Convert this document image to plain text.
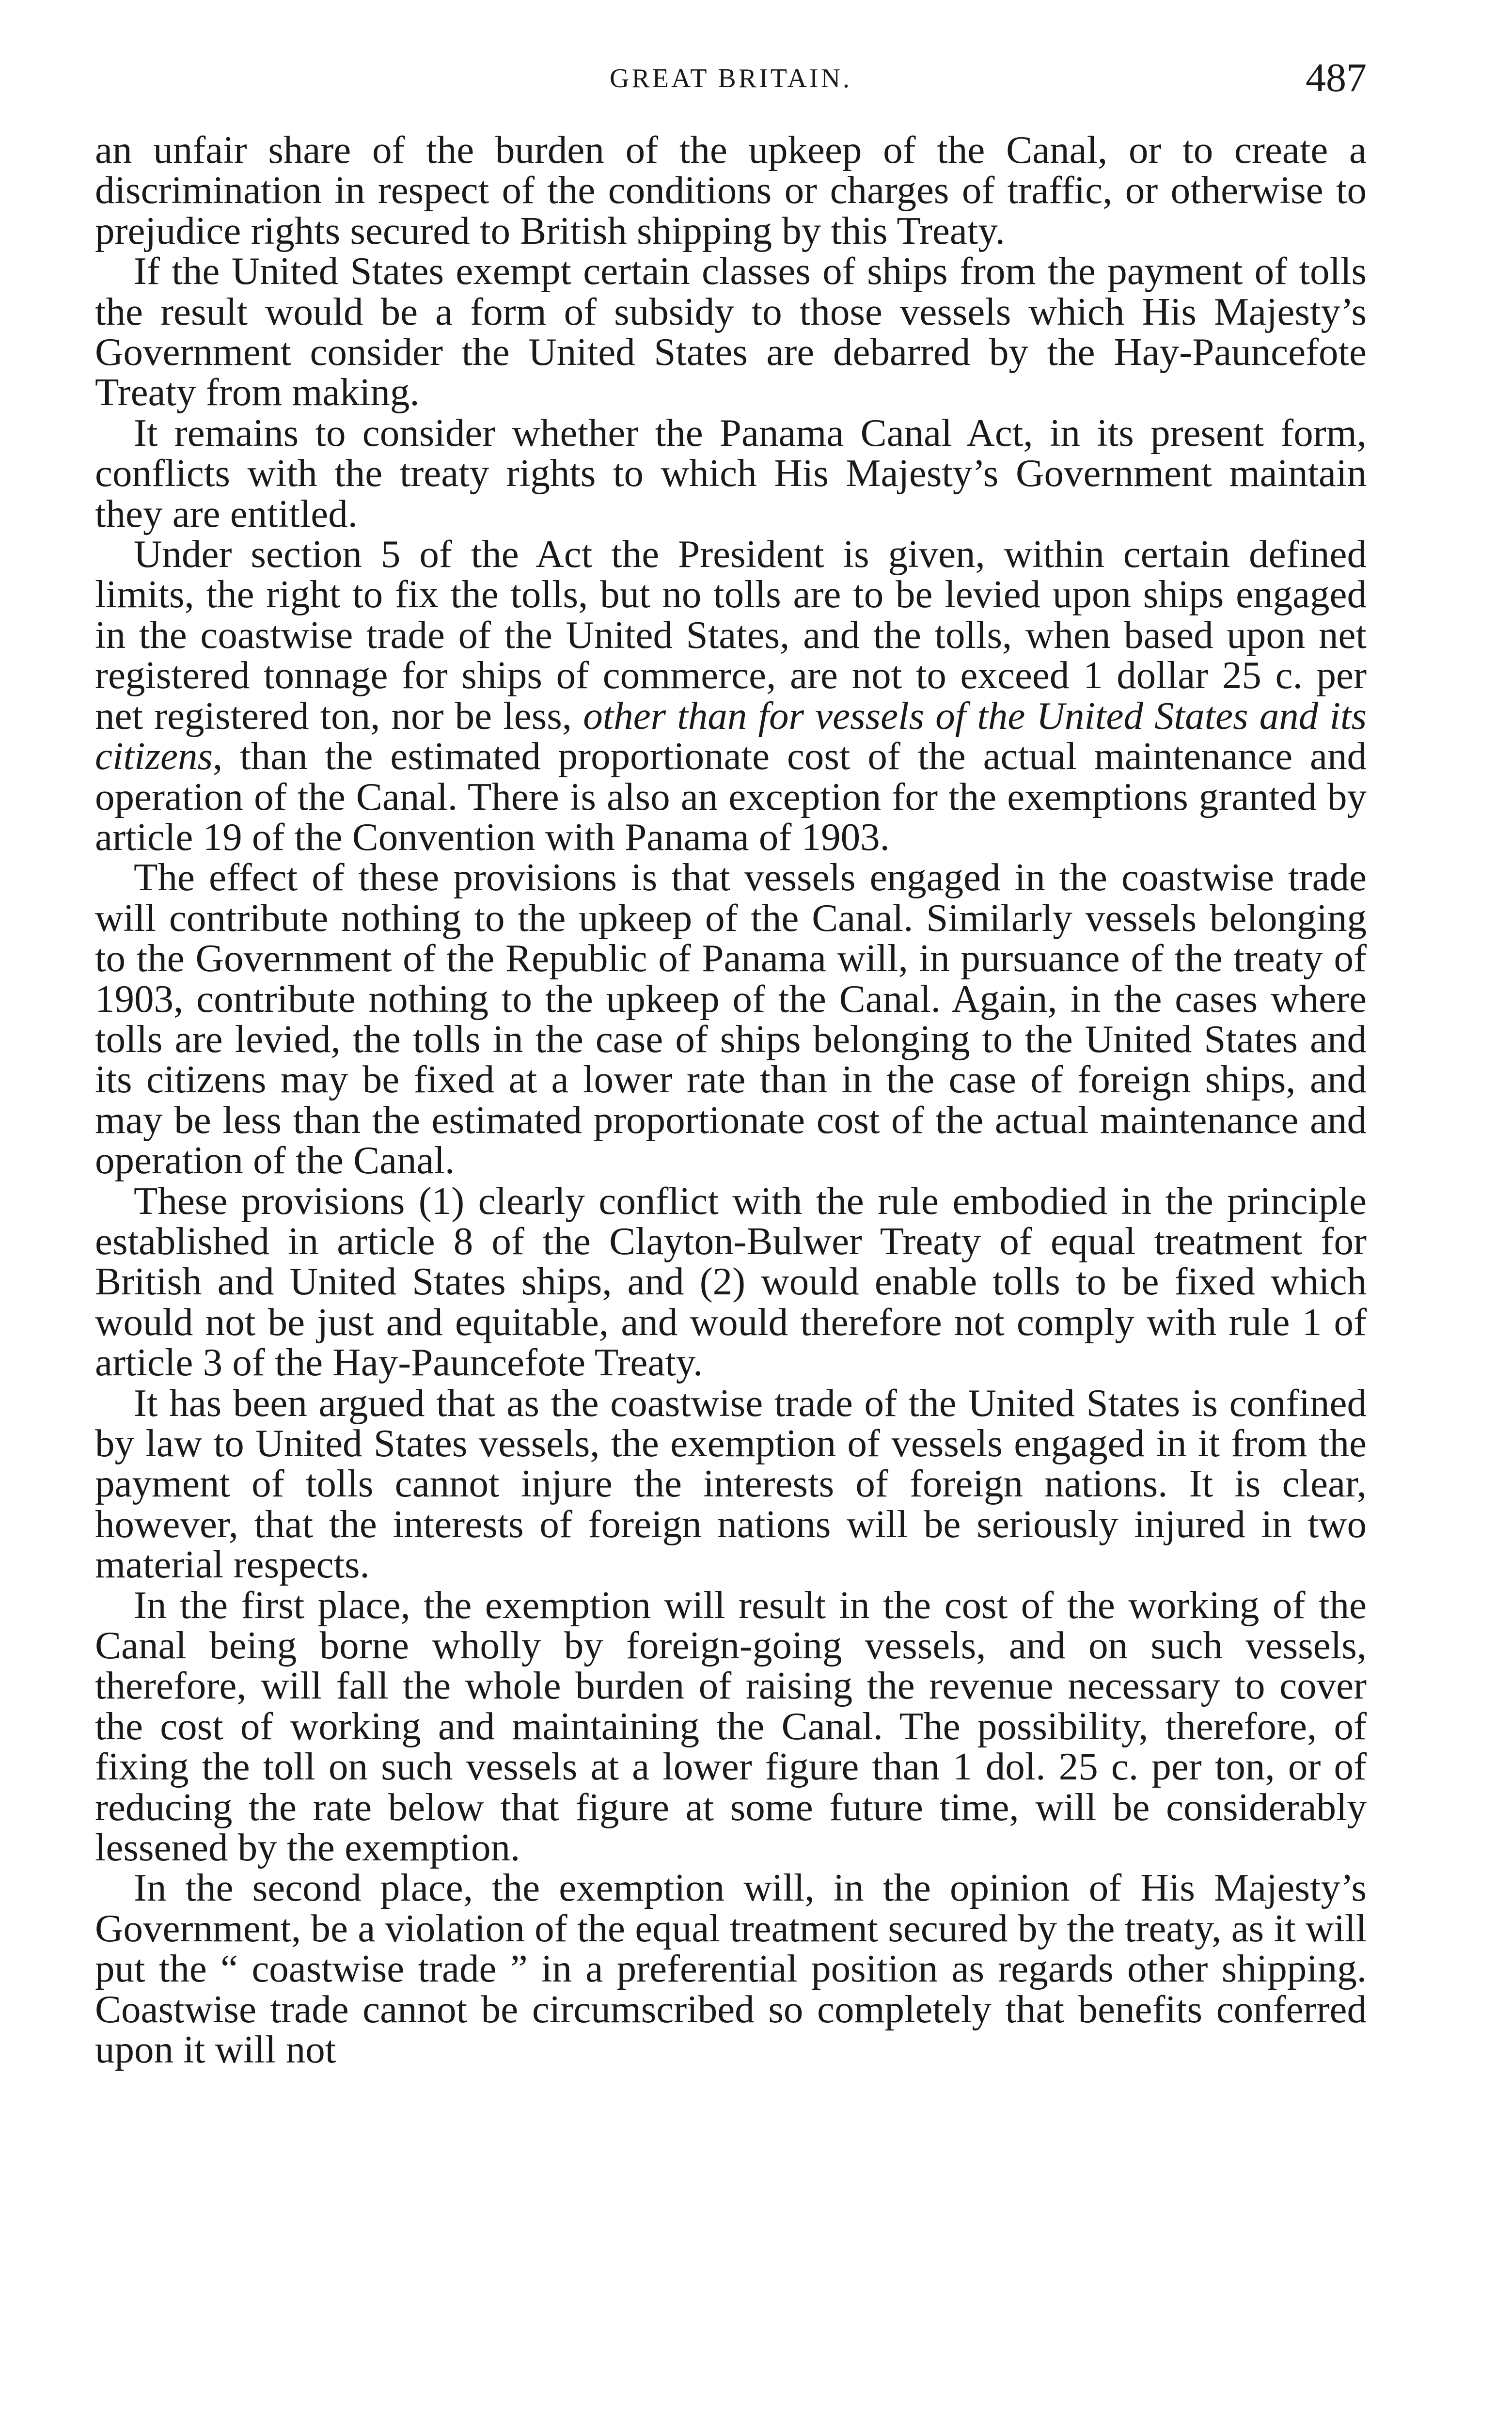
GREAT BRITAIN.	487

an unfair share of the burden of the upkeep of the Canal, or to create a discrimination in respect of the conditions or charges of traffic, or otherwise to prejudice rights secured to British shipping by this Treaty.

If the United States exempt certain classes of ships from the payment of tolls the result would be a form of subsidy to those vessels which His Majesty’s Government consider the United States are debarred by the Hay-Pauncefote Treaty from making.

It remains to consider whether the Panama Canal Act, in its present form, conflicts with the treaty rights to which His Majesty’s Government maintain they are entitled.

Under section 5 of the Act the President is given, within certain defined limits, the right to fix the tolls, but no tolls are to be levied upon ships engaged in the coastwise trade of the United States, and the tolls, when based upon net registered tonnage for ships of commerce, are not to exceed 1 dollar 25 c. per net registered ton, nor be less, other than for vessels of the United States and its citizens, than the estimated proportionate cost of the actual maintenance and operation of the Canal. There is also an exception for the exemptions granted by article 19 of the Convention with Panama of 1903.

The effect of these provisions is that vessels engaged in the coastwise trade will contribute nothing to the upkeep of the Canal. Similarly vessels belonging to the Government of the Republic of Panama will, in pursuance of the treaty of 1903, contribute nothing to the upkeep of the Canal. Again, in the cases where tolls are levied, the tolls in the case of ships belonging to the United States and its citizens may be fixed at a lower rate than in the case of foreign ships, and may be less than the estimated proportionate cost of the actual maintenance and operation of the Canal.

These provisions (1) clearly conflict with the rule embodied in the principle established in article 8 of the Clayton-Bulwer Treaty of equal treatment for British and United States ships, and (2) would enable tolls to be fixed which would not be just and equitable, and would therefore not comply with rule 1 of article 3 of the Hay-Pauncefote Treaty.

It has been argued that as the coastwise trade of the United States is confined by law to United States vessels, the exemption of vessels engaged in it from the payment of tolls cannot injure the interests of foreign nations. It is clear, however, that the interests of foreign nations will be seriously injured in two material respects.

In the first place, the exemption will result in the cost of the working of the Canal being borne wholly by foreign-going vessels, and on such vessels, therefore, will fall the whole burden of raising the revenue necessary to cover the cost of working and maintaining the Canal. The possibility, therefore, of fixing the toll on such vessels at a lower figure than 1 dol. 25 c. per ton, or of reducing the rate below that figure at some future time, will be considerably lessened by the exemption.

In the second place, the exemption will, in the opinion of His Majesty’s Government, be a violation of the equal treatment secured by the treaty, as it will put the “ coastwise trade ” in a preferential position as regards other shipping. Coastwise trade cannot be circumscribed so completely that benefits conferred upon it will not
